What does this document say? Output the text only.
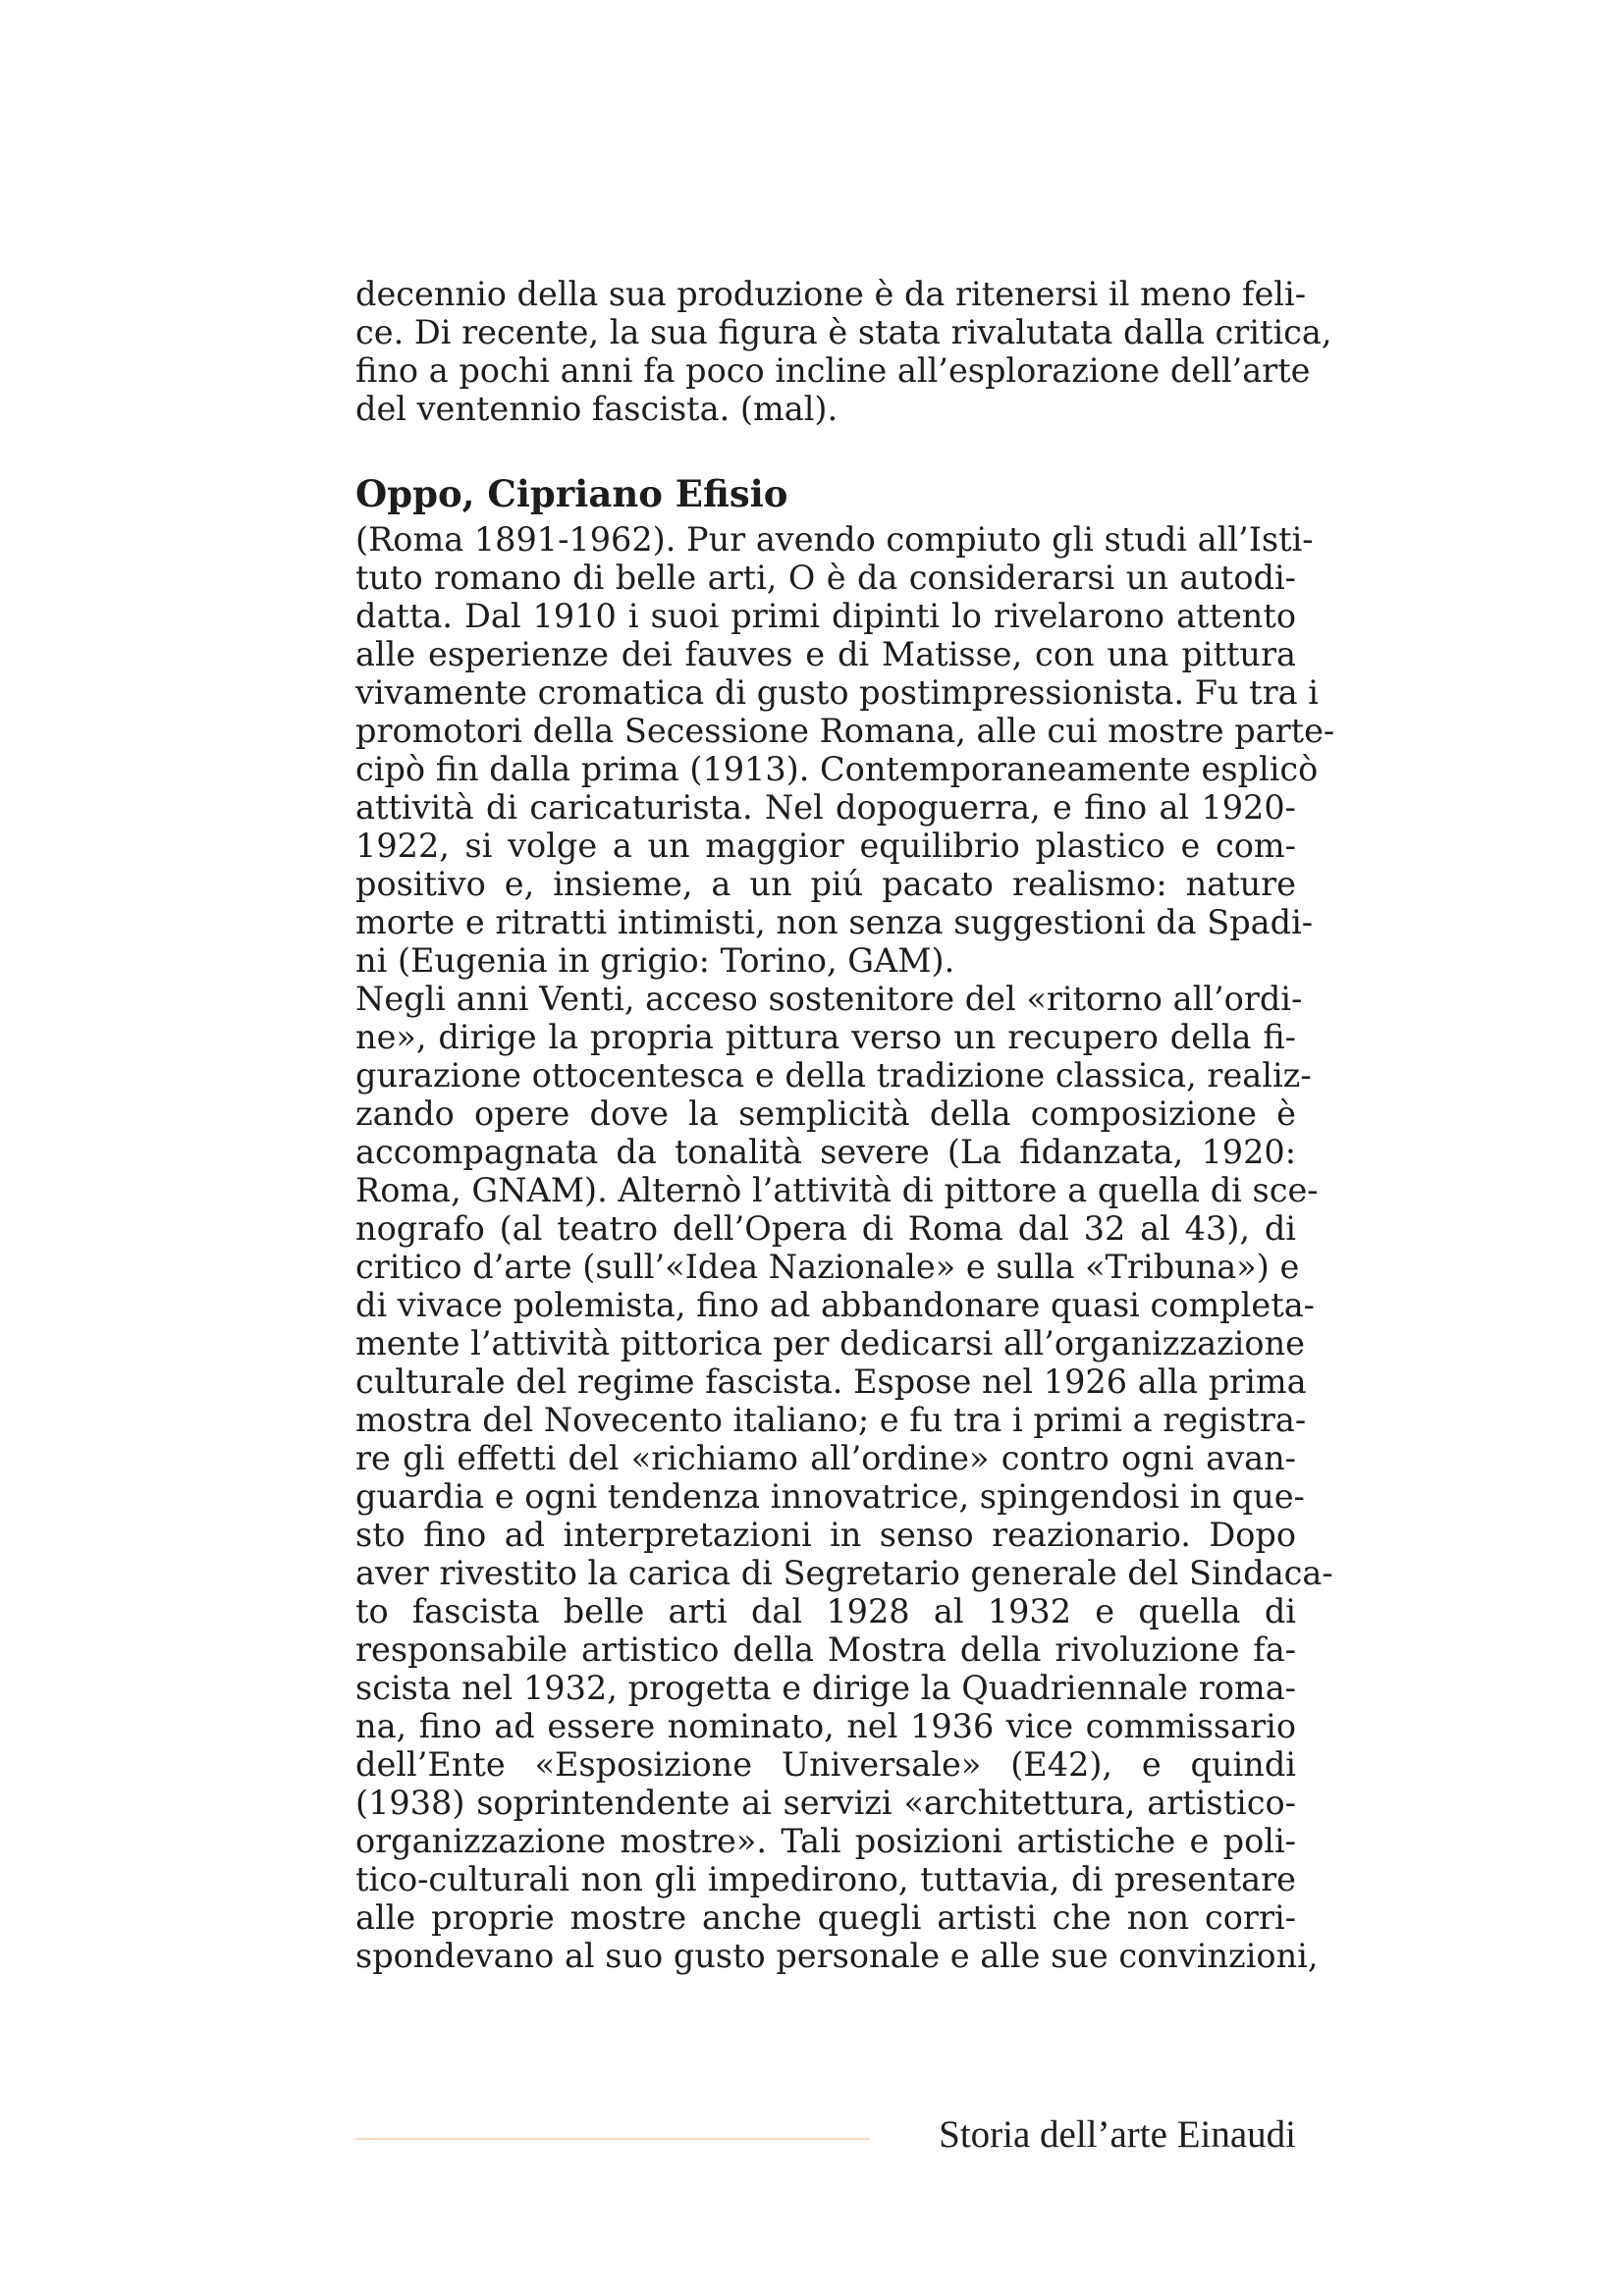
decennio della sua produzione è da ritenersi il meno feli-
ce. Di recente, la sua figura è stata rivalutata dalla critica,
fino a pochi anni fa poco incline all’esplorazione dell’arte
del ventennio fascista. (mal).
Oppo, Cipriano Efisio
(Roma 1891-1962). Pur avendo compiuto gli studi all’Isti-
tuto romano di belle arti, O è da considerarsi un autodi-
datta. Dal 1910 i suoi primi dipinti lo rivelarono attento
alle esperienze dei fauves e di Matisse, con una pittura
vivamente cromatica di gusto postimpressionista. Fu tra i
promotori della Secessione Romana, alle cui mostre parte-
cipò fin dalla prima (1913). Contemporaneamente esplicò
attività di caricaturista. Nel dopoguerra, e fino al 1920-
1922, si volge a un maggior equilibrio plastico e com-
positivo e, insieme, a un piú pacato realismo: nature
morte e ritratti intimisti, non senza suggestioni da Spadi-
ni (Eugenia in grigio: Torino, GAM).
Negli anni Venti, acceso sostenitore del «ritorno all’ordi-
ne», dirige la propria pittura verso un recupero della fi-
gurazione ottocentesca e della tradizione classica, realiz-
zando opere dove la semplicità della composizione è
accompagnata da tonalità severe (La fidanzata, 1920:
Roma, GNAM). Alternò l’attività di pittore a quella di sce-
nografo (al teatro dell’Opera di Roma dal 32 al 43), di
critico d’arte (sull’«Idea Nazionale» e sulla «Tribuna») e
di vivace polemista, fino ad abbandonare quasi completa-
mente l’attività pittorica per dedicarsi all’organizzazione
culturale del regime fascista. Espose nel 1926 alla prima
mostra del Novecento italiano; e fu tra i primi a registra-
re gli effetti del «richiamo all’ordine» contro ogni avan-
guardia e ogni tendenza innovatrice, spingendosi in que-
sto fino ad interpretazioni in senso reazionario. Dopo
aver rivestito la carica di Segretario generale del Sindaca-
to fascista belle arti dal 1928 al 1932 e quella di
responsabile artistico della Mostra della rivoluzione fa-
scista nel 1932, progetta e dirige la Quadriennale roma-
na, fino ad essere nominato, nel 1936 vice commissario
dell’Ente «Esposizione Universale» (E42), e quindi
(1938) soprintendente ai servizi «architettura, artistico-
organizzazione mostre». Tali posizioni artistiche e poli-
tico-culturali non gli impedirono, tuttavia, di presentare
alle proprie mostre anche quegli artisti che non corri-
spondevano al suo gusto personale e alle sue convinzioni,
Storia dell’arte Einaudi
